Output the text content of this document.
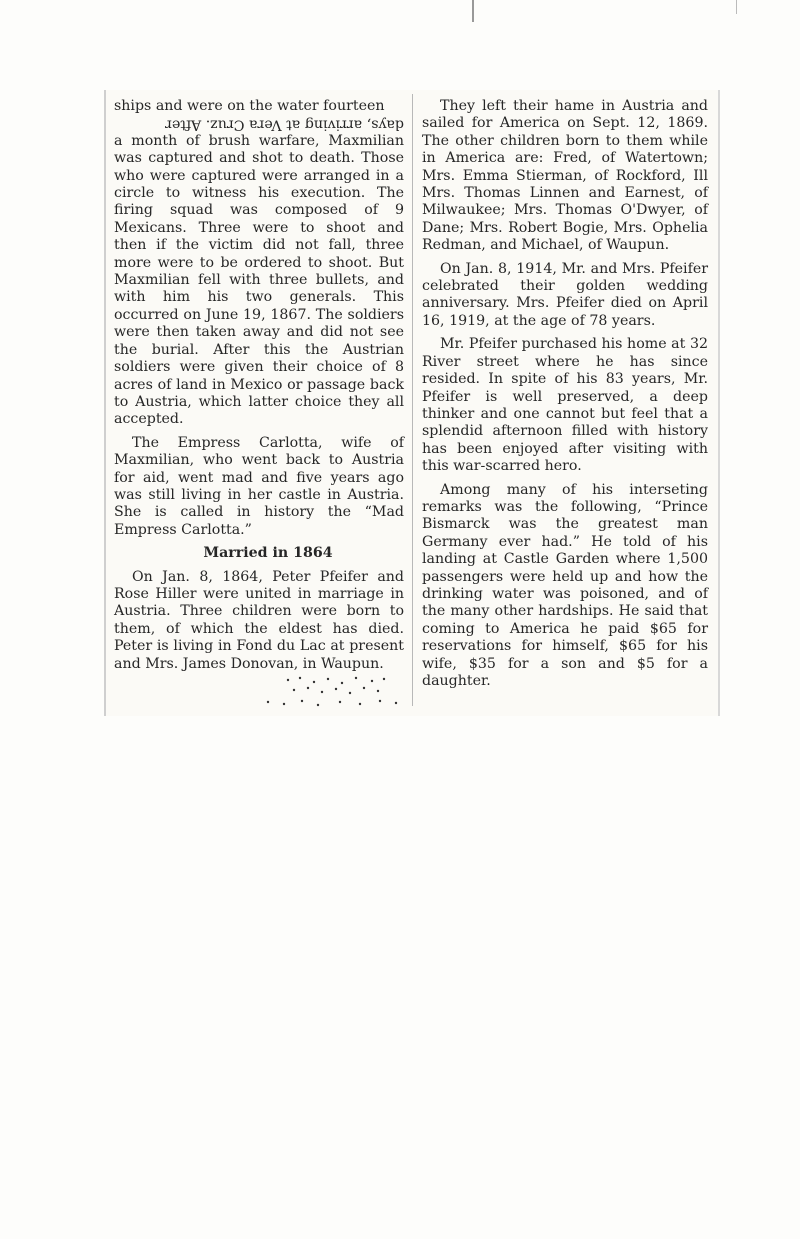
ships and were on the water fourteen
days, arriving at Vera Cruz. After
a month of brush warfare, Maxmilian was captured and shot to death. Those who were captured were arranged in a circle to witness his execution. The firing squad was composed of 9 Mexicans. Three were to shoot and then if the victim did not fall, three more were to be ordered to shoot. But Maxmilian fell with three bullets, and with him his two generals. This occurred on June 19, 1867. The soldiers were then taken away and did not see the burial. After this the Austrian soldiers were given their choice of 8 acres of land in Mexico or passage back to Austria, which latter choice they all accepted.

The Empress Carlotta, wife of Maxmilian, who went back to Austria for aid, went mad and five years ago was still living in her castle in Austria. She is called in history the “Mad Empress Carlotta.”

Married in 1864

On Jan. 8, 1864, Peter Pfeifer and Rose Hiller were united in marriage in Austria. Three children were born to them, of which the eldest has died. Peter is living in Fond du Lac at present and Mrs. James Donovan, in Waupun.

They left their hame in Austria and sailed for America on Sept. 12, 1869. The other children born to them while in America are: Fred, of Watertown; Mrs. Emma Stierman, of Rockford, Ill Mrs. Thomas Linnen and Earnest, of Milwaukee; Mrs. Thomas O'Dwyer, of Dane; Mrs. Robert Bogie, Mrs. Ophelia Redman, and Michael, of Waupun.

On Jan. 8, 1914, Mr. and Mrs. Pfeifer celebrated their golden wedding anniversary. Mrs. Pfeifer died on April 16, 1919, at the age of 78 years.

Mr. Pfeifer purchased his home at 32 River street where he has since resided. In spite of his 83 years, Mr. Pfeifer is well preserved, a deep thinker and one cannot but feel that a splendid afternoon filled with history has been enjoyed after visiting with this war-scarred hero.

Among many of his interseting remarks was the following, “Prince Bismarck was the greatest man Germany ever had.” He told of his landing at Castle Garden where 1,500 passengers were held up and how the drinking water was poisoned, and of the many other hardships. He said that coming to America he paid $65 for reservations for himself, $65 for his wife, $35 for a son and $5 for a daughter.
